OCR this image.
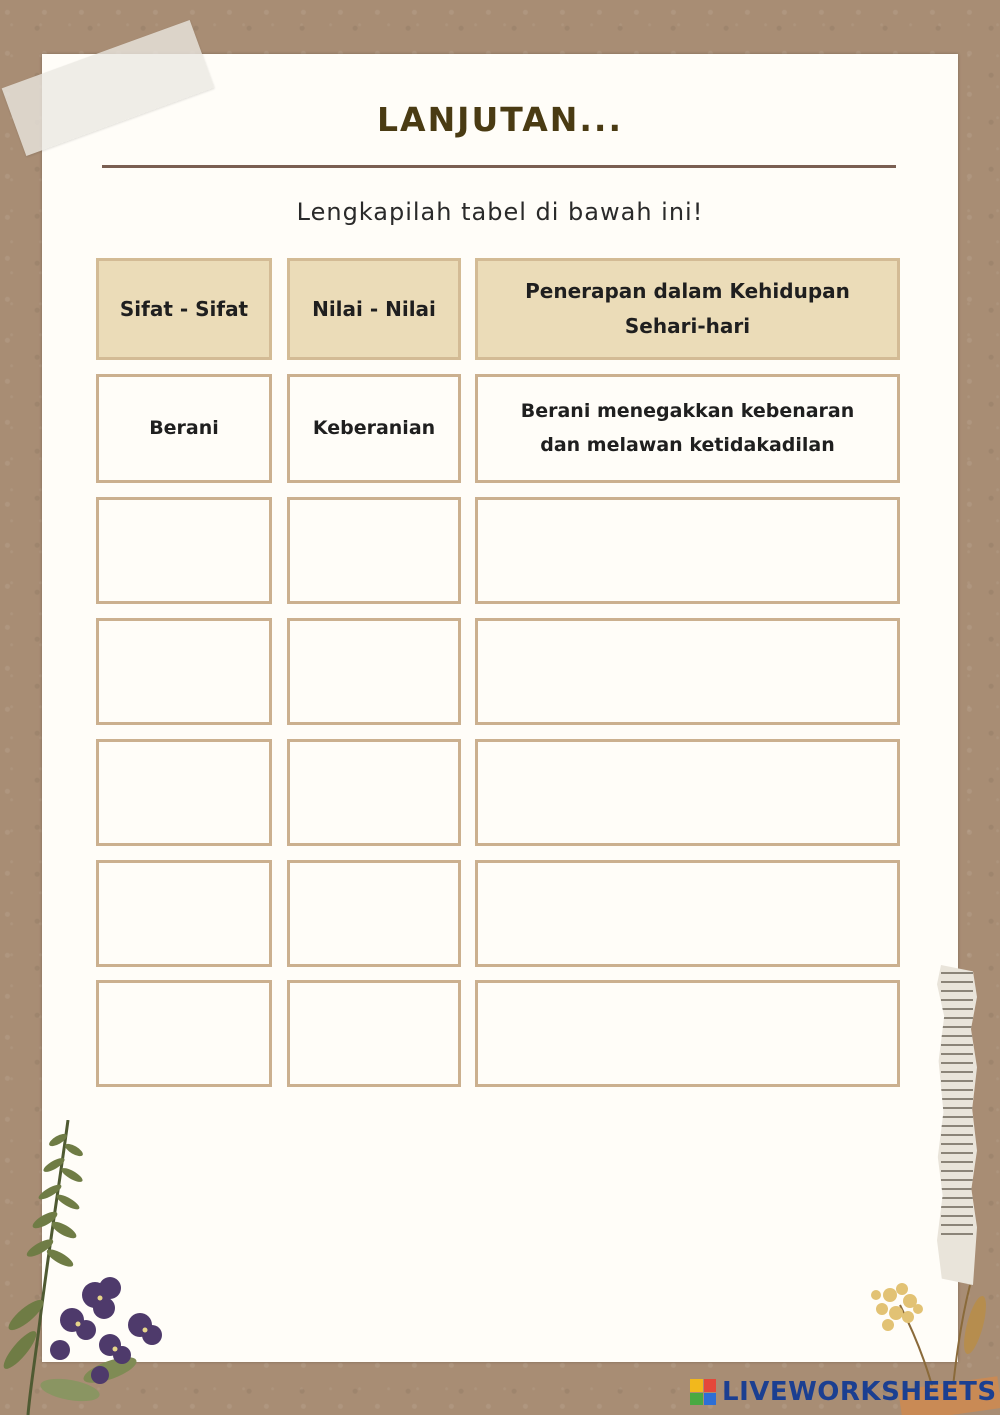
LANJUTAN...
Lengkapilah tabel di bawah ini!
Sifat - Sifat	Nilai - Nilai
Penerapan dalam Kehidupan Sehari-hari
Berani	Keberanian
Berani menegakkan kebenaran dan melawan ketidakadilan
LIVEWORKSHEETS
